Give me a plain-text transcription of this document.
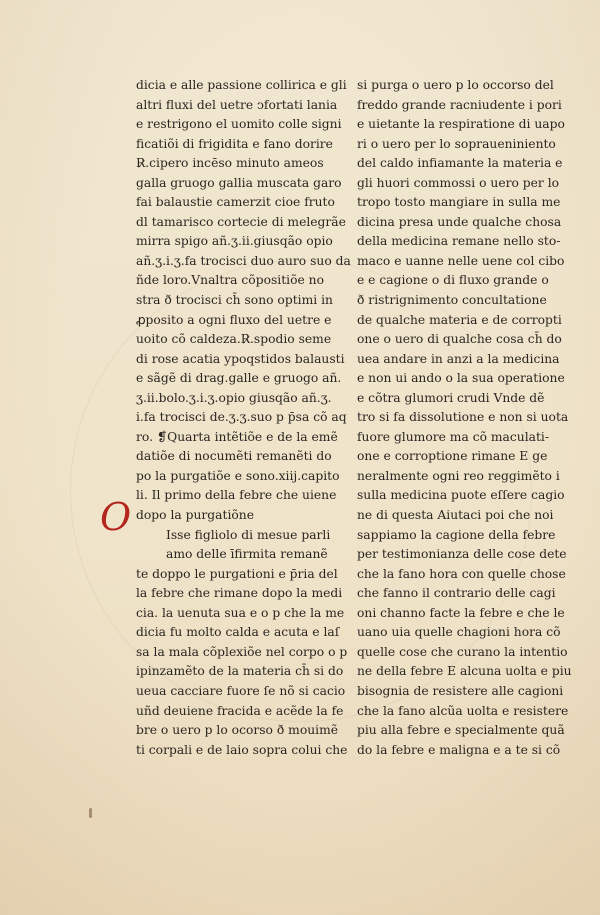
dicia e alle passione collirica e gli
altri fluxi del uetre ↄfortati lania
e restrigono el uomito colle signi
ficatiõi di frigidita e fano dorire
R̷.cipero incēso minuto ameos
galla gruogo gallia muscata garo
fai balaustie camerzit cioe fruto
dl tamarisco cortecie di melegrãe
mirra spigo añ.ʒ.ii.giusqão opio
añ.ʒ.i.ʒ.fa trocisci duo auro suo da
ñde loro.Vnaltra cõpositiõe no
stra ð trocisci ch̄ sono optimi in
ꝓposito a ogni fluxo del uetre e
uoito cõ caldeza.R̷.spodio seme
di rose acatia ypoqstidos balausti
e sãgẽ di drag.galle e gruogo añ.
ʒ.ii.bolo.ʒ.i.ʒ.opio giusqão añ.ʒ.
i.fa trocisci de.ʒ.ʒ.suo p p̄sa cõ aq
ro. ❡Quarta intẽtiõe e de la emẽ
datiõe di nocumẽti remanẽti do
po la purgatiõe e sono.xiij.capito
li. Il primo della febre che uiene
dopo la purgatiõne
Isse figliolo di mesue parli
amo delle īfirmita remanẽ
te doppo le purgationi e p̄ria del
la febre che rimane dopo la medi
cia. la uenuta sua e o p che la me
dicia fu molto calda e acuta e laſ
sa la mala cõplexiõe nel corpo o p
ipinzamẽto de la materia ch̄ si do
ueua cacciare fuore ſe nõ si cacio
uñd deuiene fracida e acẽde la fe
bre o uero p lo ocorso ð mouimẽ
ti corpali e de laio sopra colui che
O
si purga o uero p lo occorso del
freddo grande racniudente i pori
e uietante la respiratione di uapo
ri o uero per lo sopraueniniento
del caldo infiamante la materia e
gli huori commossi o uero per lo
tropo tosto mangiare in sulla me
dicina presa unde qualche chosa
della medicina remane nello sto-
maco e uanne nelle uene col cibo
e e cagione o di fluxo grande o
ð ristrignimento concultatione
de qualche materia e de corropti
one o uero di qualche cosa ch̄ do
uea andare in anzi a la medicina
e non ui ando o la sua operatione
e cõtra glumori crudi Vnde dẽ
tro si fa dissolutione e non si uota
fuore glumore ma cõ maculati-
one e corroptione rimane E ge
neralmente ogni reo reggimẽto i
sulla medicina puote eſſere cagio
ne di questa Aiutaci poi che noi
sappiamo la cagione della febre
per testimonianza delle cose dete
che la fano hora con quelle chose
che fanno il contrario delle cagi
oni channo facte la febre e che le
uano uia quelle chagioni hora cõ
quelle cose che curano la intentio
ne della febre E alcuna uolta e piu
bisognia de resistere alle cagioni
che la fano alcũa uolta e resistere
piu alla febre e specialmente quã
do la febre e maligna e a te si cõ
